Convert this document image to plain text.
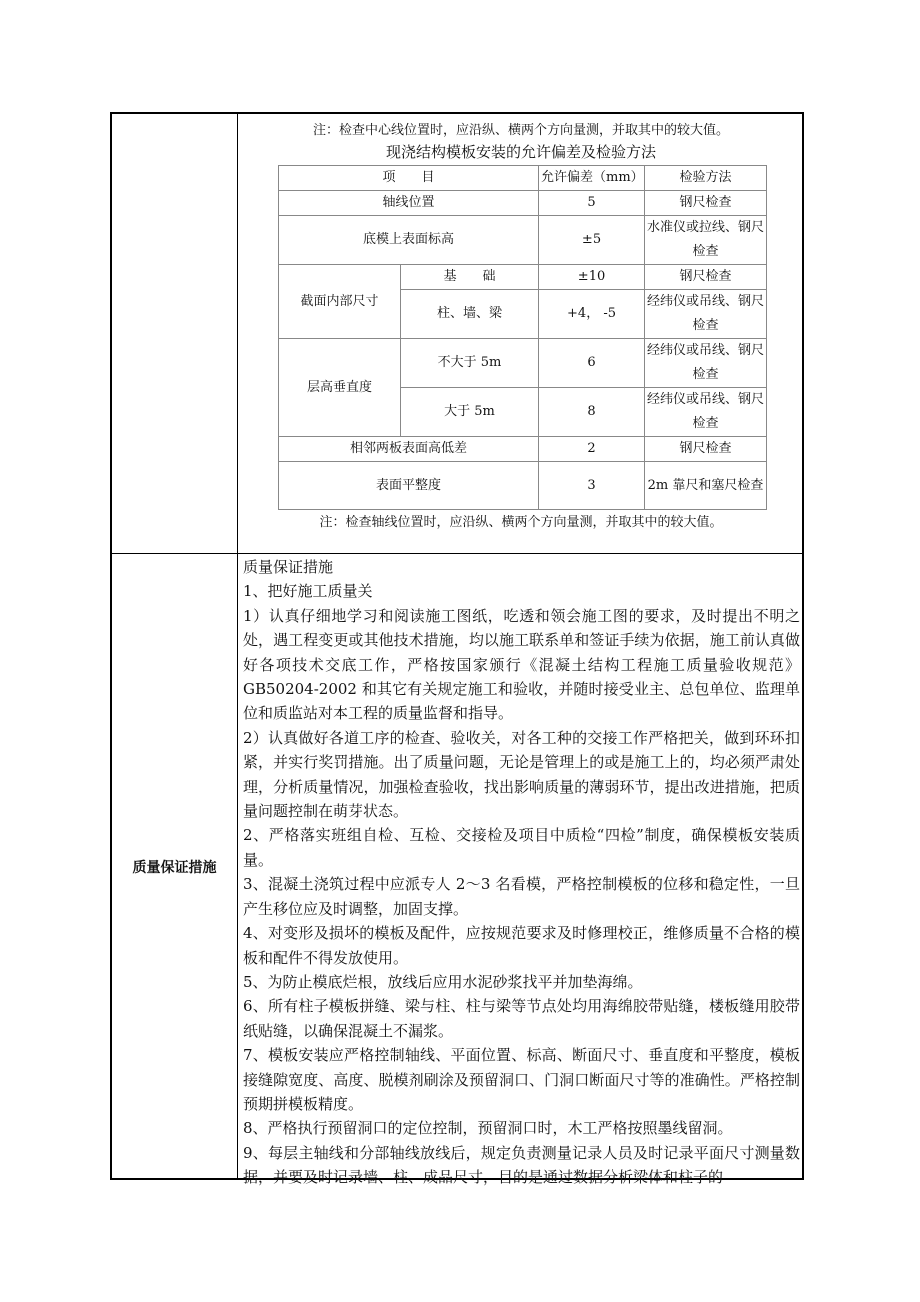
注：检查中心线位置时，应沿纵、横两个方向量测，并取其中的较大值。
现浇结构模板安装的允许偏差及检验方法
项　　目		允许偏差（mm）	检验方法
轴线位置		5	钢尺检查
底模上表面标高		±5	水准仪或拉线、钢尺检查
截面内部尺寸	基　　础	±10	钢尺检查
	柱、墙、梁	+4， -5	经纬仪或吊线、钢尺检查
层高垂直度	不大于 5m	6	经纬仪或吊线、钢尺检查
	大于 5m	8	经纬仪或吊线、钢尺检查
相邻两板表面高低差		2	钢尺检查
表面平整度		3	2m 靠尺和塞尺检查
注：检查轴线位置时，应沿纵、横两个方向量测，并取其中的较大值。
质量保证措施

质量保证措施

1、把好施工质量关

1）认真仔细地学习和阅读施工图纸，吃透和领会施工图的要求，及时提出不明之处，遇工程变更或其他技术措施，均以施工联系单和签证手续为依据，施工前认真做好各项技术交底工作，严格按国家颁行《混凝土结构工程施工质量验收规范》GB50204-2002 和其它有关规定施工和验收，并随时接受业主、总包单位、监理单位和质监站对本工程的质量监督和指导。

2）认真做好各道工序的检查、验收关，对各工种的交接工作严格把关，做到环环扣紧，并实行奖罚措施。出了质量问题，无论是管理上的或是施工上的，均必须严肃处理，分析质量情况，加强检查验收，找出影响质量的薄弱环节，提出改进措施，把质量问题控制在萌芽状态。

2、严格落实班组自检、互检、交接检及项目中质检“四检”制度，确保模板安装质量。

3、混凝土浇筑过程中应派专人 2～3 名看模，严格控制模板的位移和稳定性，一旦产生移位应及时调整，加固支撑。

4、对变形及损坏的模板及配件，应按规范要求及时修理校正，维修质量不合格的模板和配件不得发放使用。

5、为防止模底烂根，放线后应用水泥砂浆找平并加垫海绵。

6、所有柱子模板拼缝、梁与柱、柱与梁等节点处均用海绵胶带贴缝，楼板缝用胶带纸贴缝，以确保混凝土不漏浆。

7、模板安装应严格控制轴线、平面位置、标高、断面尺寸、垂直度和平整度，模板接缝隙宽度、高度、脱模剂刷涂及预留洞口、门洞口断面尺寸等的准确性。严格控制预期拼模板精度。

8、严格执行预留洞口的定位控制，预留洞口时，木工严格按照墨线留洞。

9、每层主轴线和分部轴线放线后，规定负责测量记录人员及时记录平面尺寸测量数据，并要及时记录墙、柱、成品尺寸，目的是通过数据分析梁体和柱子的
